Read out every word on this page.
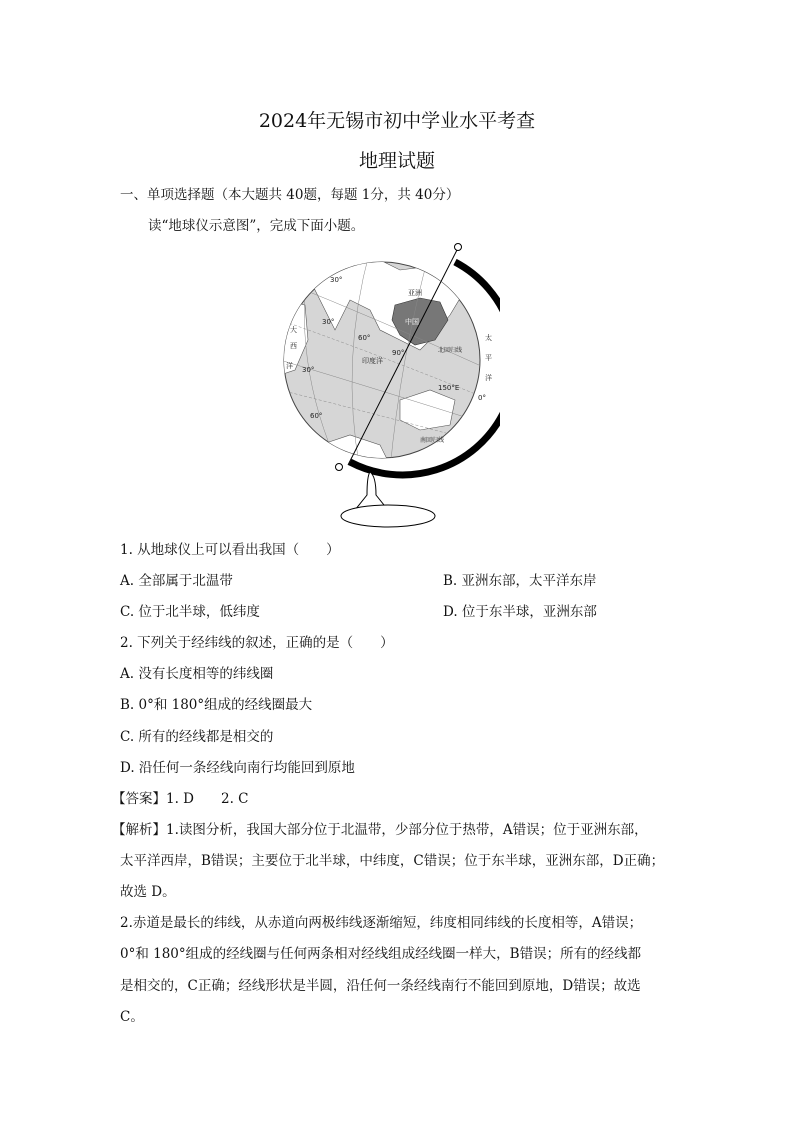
2024年无锡市初中学业水平考查
地理试题
一、单项选择题（本大题共 40题，每题 1分，共 40分）
读“地球仪示意图”，完成下面小题。
亚洲
中国
太
平
洋
大
西
洋
印度洋
北回归线
南回归线
30°
30°
60°
90°
150°E
0°
30°
60°
1. 从地球仪上可以看出我国（　　）
A. 全部属于北温带	B. 亚洲东部，太平洋东岸
C. 位于北半球，低纬度	D. 位于东半球，亚洲东部
2. 下列关于经纬线的叙述，正确的是（　　）
A. 没有长度相等的纬线圈
B. 0°和 180°组成的经线圈最大
C. 所有的经线都是相交的
D. 沿任何一条经线向南行均能回到原地
【答案】1. D　　2. C
【解析】1.读图分析，我国大部分位于北温带，少部分位于热带，A错误；位于亚洲东部，
太平洋西岸，B错误；主要位于北半球，中纬度，C错误；位于东半球，亚洲东部，D正确；
故选 D。
2.赤道是最长的纬线，从赤道向两极纬线逐渐缩短，纬度相同纬线的长度相等，A错误；
0°和 180°组成的经线圈与任何两条相对经线组成经线圈一样大，B错误；所有的经线都
是相交的，C正确；经线形状是半圆，沿任何一条经线南行不能回到原地，D错误；故选
C。
